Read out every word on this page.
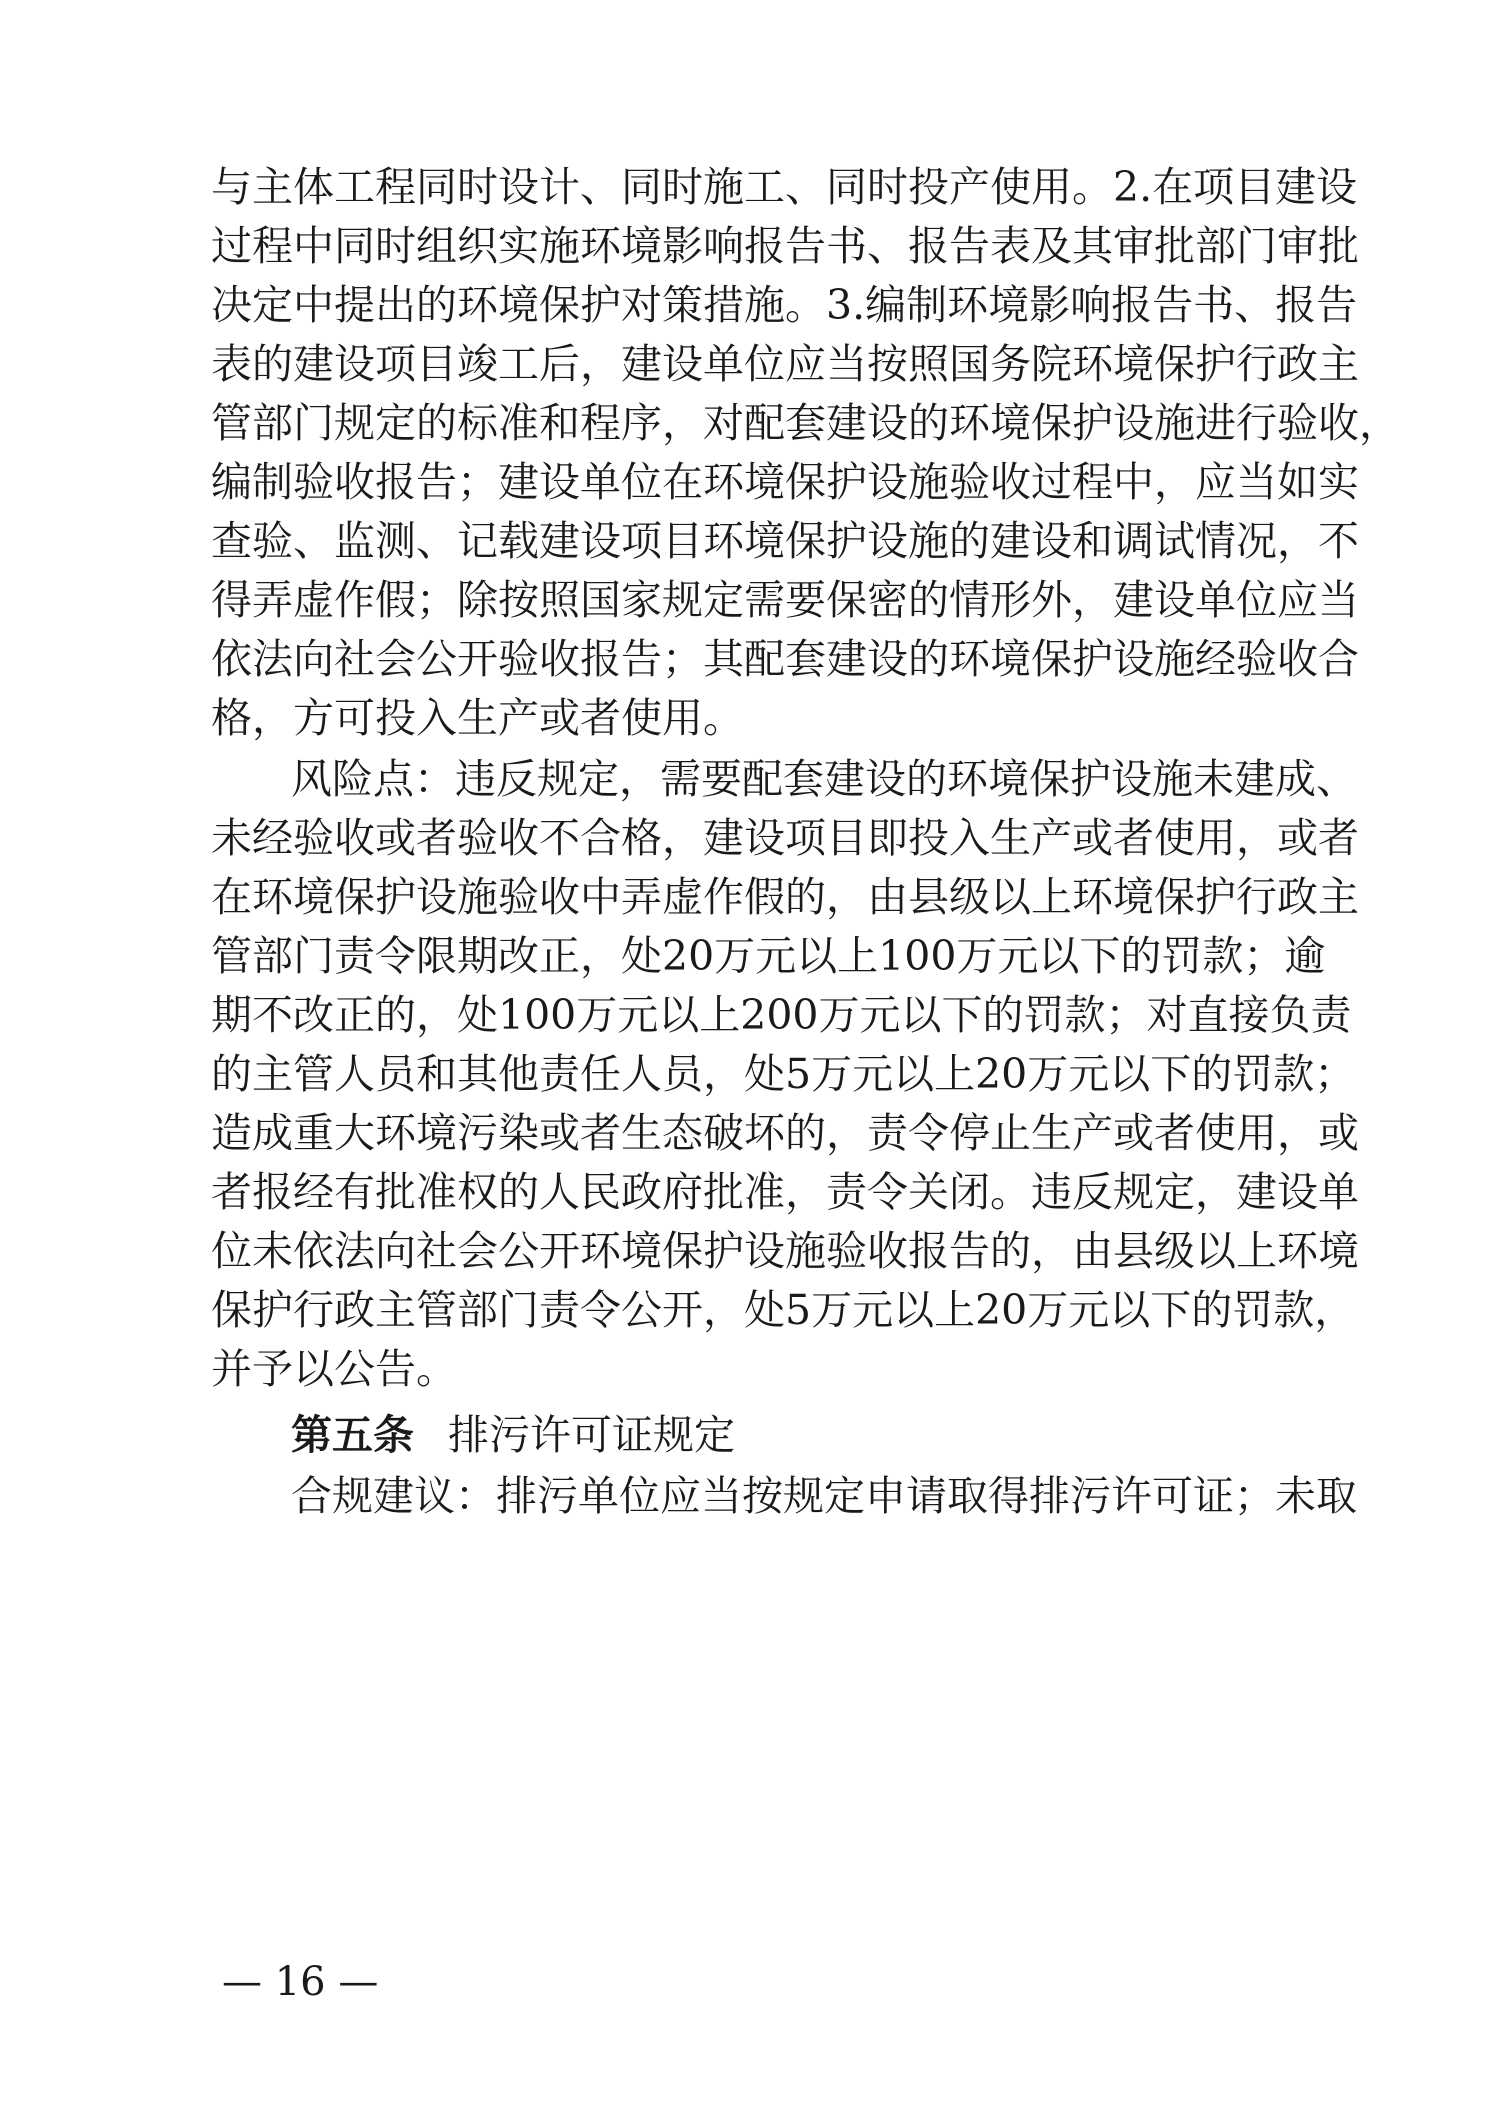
与主体工程同时设计、同时施工、同时投产使用。2.在项目建设
过程中同时组织实施环境影响报告书、报告表及其审批部门审批
决定中提出的环境保护对策措施。3.编制环境影响报告书、报告
表的建设项目竣工后，建设单位应当按照国务院环境保护行政主
管部门规定的标准和程序，对配套建设的环境保护设施进行验收，
编制验收报告；建设单位在环境保护设施验收过程中，应当如实
查验、监测、记载建设项目环境保护设施的建设和调试情况，不
得弄虚作假；除按照国家规定需要保密的情形外，建设单位应当
依法向社会公开验收报告；其配套建设的环境保护设施经验收合
格，方可投入生产或者使用。
风险点：违反规定，需要配套建设的环境保护设施未建成、
未经验收或者验收不合格，建设项目即投入生产或者使用，或者
在环境保护设施验收中弄虚作假的，由县级以上环境保护行政主
管部门责令限期改正，处20万元以上100万元以下的罚款；逾
期不改正的，处100万元以上200万元以下的罚款；对直接负责
的主管人员和其他责任人员，处5万元以上20万元以下的罚款；
造成重大环境污染或者生态破坏的，责令停止生产或者使用，或
者报经有批准权的人民政府批准，责令关闭。违反规定，建设单
位未依法向社会公开环境保护设施验收报告的，由县级以上环境
保护行政主管部门责令公开，处5万元以上20万元以下的罚款，
并予以公告。
第五条 排污许可证规定
合规建议：排污单位应当按规定申请取得排污许可证；未取
— 16 —
